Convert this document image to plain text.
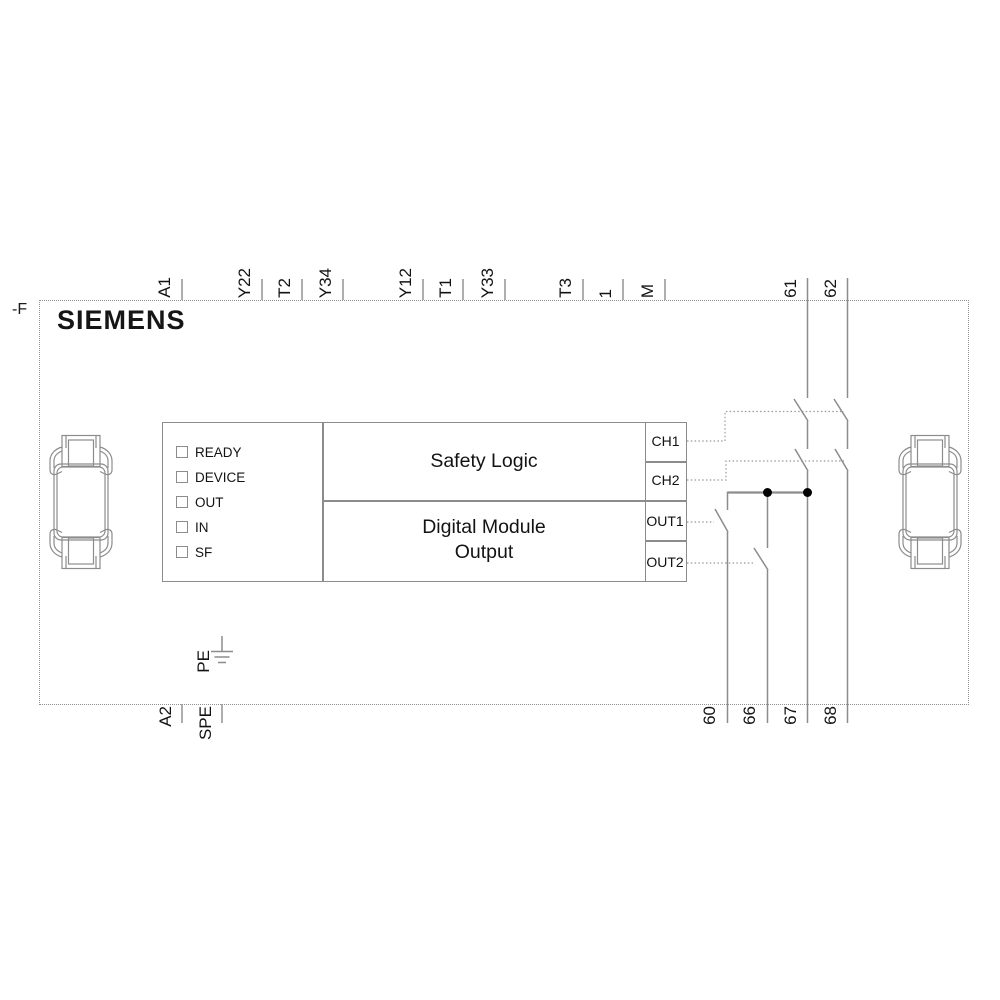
-F SIEMENS
A1	Y22 T2 Y34	Y12 T1 Y33	T3 1 M	61 62
A2 SPE	60 66 67 68
PE
READY
DEVICE
OUT
IN
SF
Safety Logic
Digital Module
Output
CH1
CH2
OUT1
OUT2
